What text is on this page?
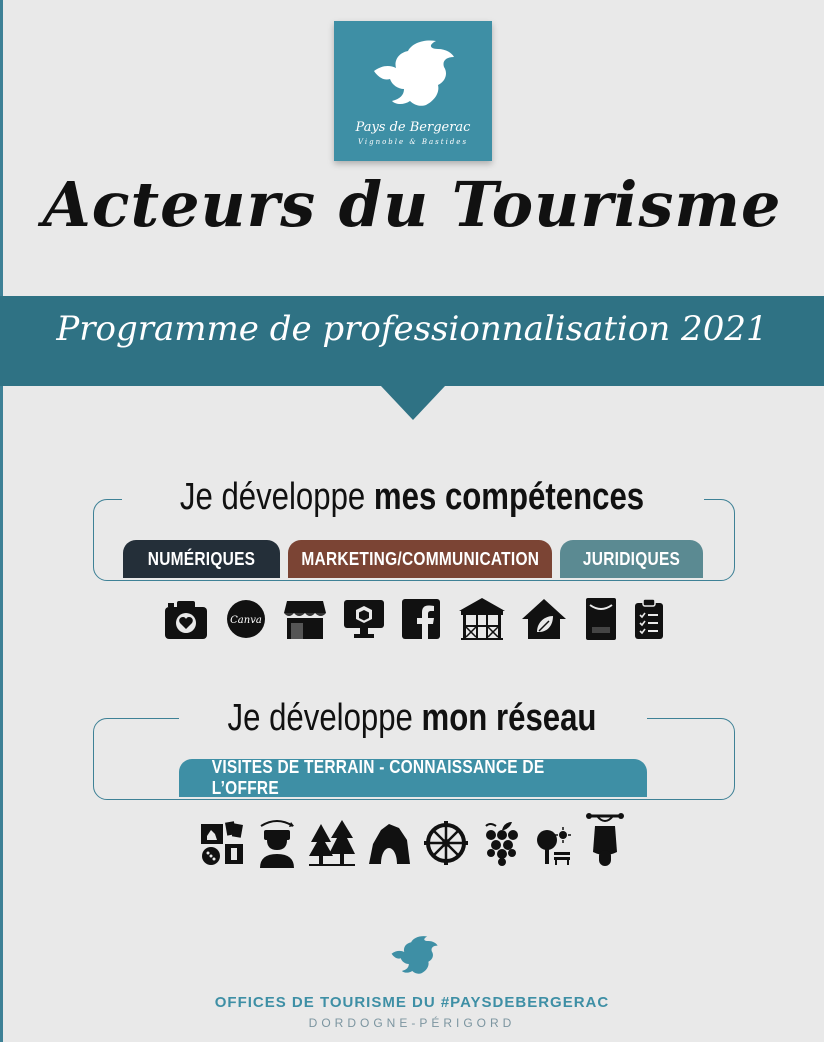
Pays de Bergerac
Vignoble & Bastides
Acteurs du Tourisme
Programme de professionnalisation 2021
Je développe mes compétences
NUMÉRIQUES	MARKETING/COMMUNICATION JURIDIQUES
Canva
Je développe mon réseau
VISITES DE TERRAIN - CONNAISSANCE DE L’OFFRE
OFFICES DE TOURISME DU #PAYSDEBERGERAC
DORDOGNE-PÉRIGORD
